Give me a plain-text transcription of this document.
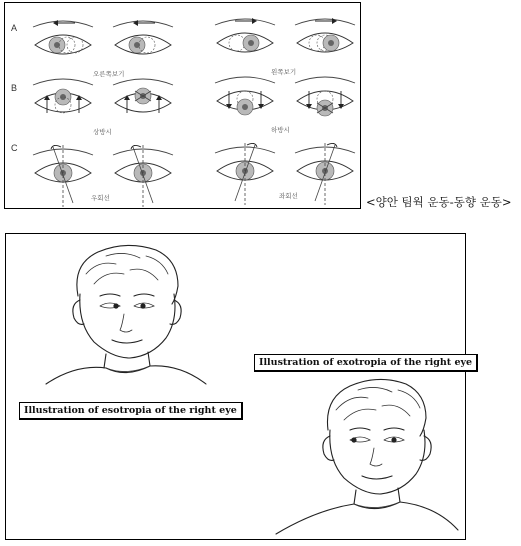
A
B
C
오른쪽보기	왼쪽보기
상방시	하방시
우회선	좌회선	<양안 팀웍 운동-동향 운동>
Illustration of exotropia of the right eye
Illustration of esotropia of the right eye
